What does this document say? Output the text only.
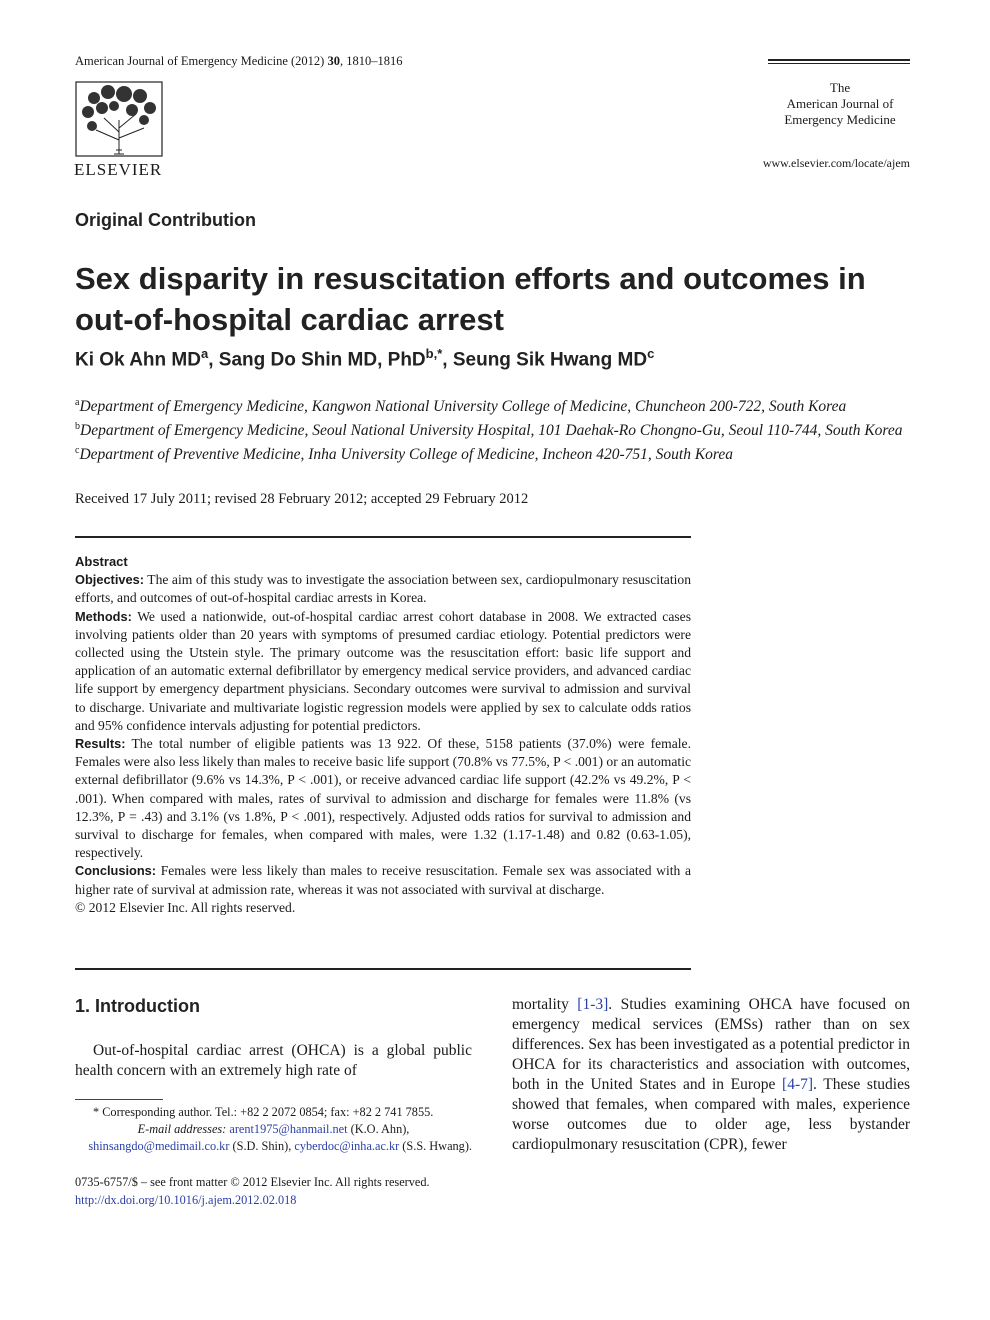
American Journal of Emergency Medicine (2012) 30, 1810–1816
ELSEVIER
The
American Journal of
Emergency Medicine
www.elsevier.com/locate/ajem
Original Contribution
Sex disparity in resuscitation efforts and outcomes in out-of-hospital cardiac arrest
Ki Ok Ahn $MD^a$, Sang Do Shin MD, PhD$^{b,*}$, Seung Sik Hwang $MD^c$
$^a$Department of Emergency Medicine, Kangwon National University College of Medicine, Chuncheon 200-722, South Korea
$^b$Department of Emergency Medicine, Seoul National University Hospital, 101 Daehak-Ro Chongno-Gu, Seoul 110-744, South Korea
$^c$Department of Preventive Medicine, Inha University College of Medicine, Incheon 420-751, South Korea
Received 17 July 2011; revised 28 February 2012; accepted 29 February 2012

Abstract

Objectives: The aim of this study was to investigate the association between sex, cardiopulmonary resuscitation efforts, and outcomes of out-of-hospital cardiac arrests in Korea.

Methods: We used a nationwide, out-of-hospital cardiac arrest cohort database in 2008. We extracted cases involving patients older than 20 years with symptoms of presumed cardiac etiology. Potential predictors were collected using the Utstein style. The primary outcome was the resuscitation effort: basic life support and application of an automatic external defibrillator by emergency medical service providers, and advanced cardiac life support by emergency department physicians. Secondary outcomes were survival to admission and survival to discharge. Univariate and multivariate logistic regression models were applied by sex to calculate odds ratios and 95% confidence intervals adjusting for potential predictors.

Results: The total number of eligible patients was 13 922. Of these, 5158 patients (37.0%) were female. Females were also less likely than males to receive basic life support (70.8% vs 77.5%, P < .001) or an automatic external defibrillator (9.6% vs 14.3%, P < .001), or receive advanced cardiac life support (42.2% vs 49.2%, P < .001). When compared with males, rates of survival to admission and discharge for females were 11.8% (vs 12.3%, P = .43) and 3.1% (vs 1.8%, P < .001), respectively. Adjusted odds ratios for survival to admission and survival to discharge for females, when compared with males, were 1.32 (1.17-1.48) and 0.82 (0.63-1.05), respectively.

Conclusions: Females were less likely than males to receive resuscitation. Female sex was associated with a higher rate of survival at admission rate, whereas it was not associated with survival at discharge.

© 2012 Elsevier Inc. All rights reserved.

1. Introduction
Out-of-hospital cardiac arrest (OHCA) is a global public health concern with an extremely high rate of
mortality [1-3]. Studies examining OHCA have focused on emergency medical services (EMSs) rather than on sex differences. Sex has been investigated as a potential predictor in OHCA for its characteristics and association with outcomes, both in the United States and in Europe [4-7]. These studies showed that females, when compared with males, experience worse outcomes due to older age, less bystander cardiopulmonary resuscitation (CPR), fewer
* Corresponding author. Tel.: +82 2 2072 0854; fax: +82 2 741 7855.
E-mail addresses: arent1975@hanmail.net (K.O. Ahn),
shinsangdo@medimail.co.kr (S.D. Shin), cyberdoc@inha.ac.kr (S.S. Hwang).
0735-6757/$ – see front matter © 2012 Elsevier Inc. All rights reserved.
http://dx.doi.org/10.1016/j.ajem.2012.02.018
